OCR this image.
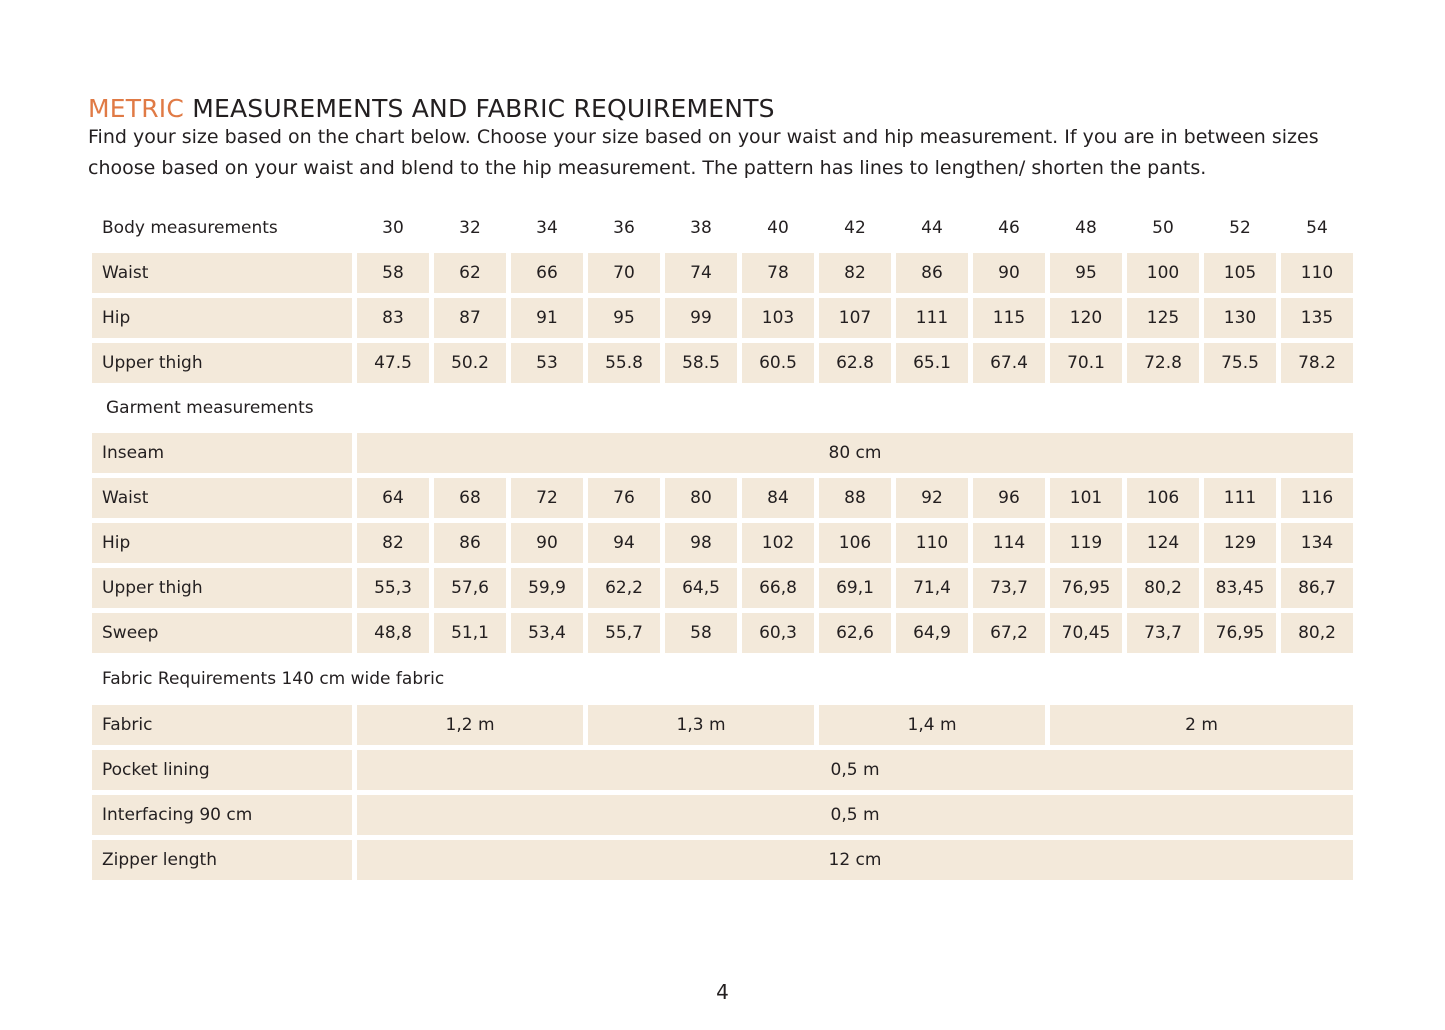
METRIC MEASUREMENTS AND FABRIC REQUIREMENTS
Find your size based on the chart below. Choose your size based on your waist and hip measurement. If you are in between sizes
choose based on your waist and blend to the hip measurement. The pattern has lines to lengthen/ shorten the pants.
Body measurements	30	32	34	36	38	40	42	44	46	48	50	52	54
Waist	58	62	66	70	74	78	82	86	90	95	100	105	110
Hip	83	87	91	95	99	103	107	111	115	120	125	130	135
Upper thigh	47.5	50.2	53	55.8	58.5	60.5	62.8	65.1	67.4	70.1	72.8	75.5	78.2
Garment measurements
Inseam	80 cm
Waist	64	68	72	76	80	84	88	92	96	101	106	111	116
Hip	82	86	90	94	98	102	106	110	114	119	124	129	134
Upper thigh	55,3	57,6	59,9	62,2	64,5	66,8	69,1	71,4	73,7	76,95	80,2	83,45	86,7
Sweep	48,8	51,1	53,4	55,7	58	60,3	62,6	64,9	67,2	70,45	73,7	76,95	80,2
Fabric Requirements 140 cm wide fabric
Fabric	1,2 m	1,3 m	1,4 m	2 m
Pocket lining	0,5 m
Interfacing 90 cm	0,5 m
Zipper length	12 cm
4
